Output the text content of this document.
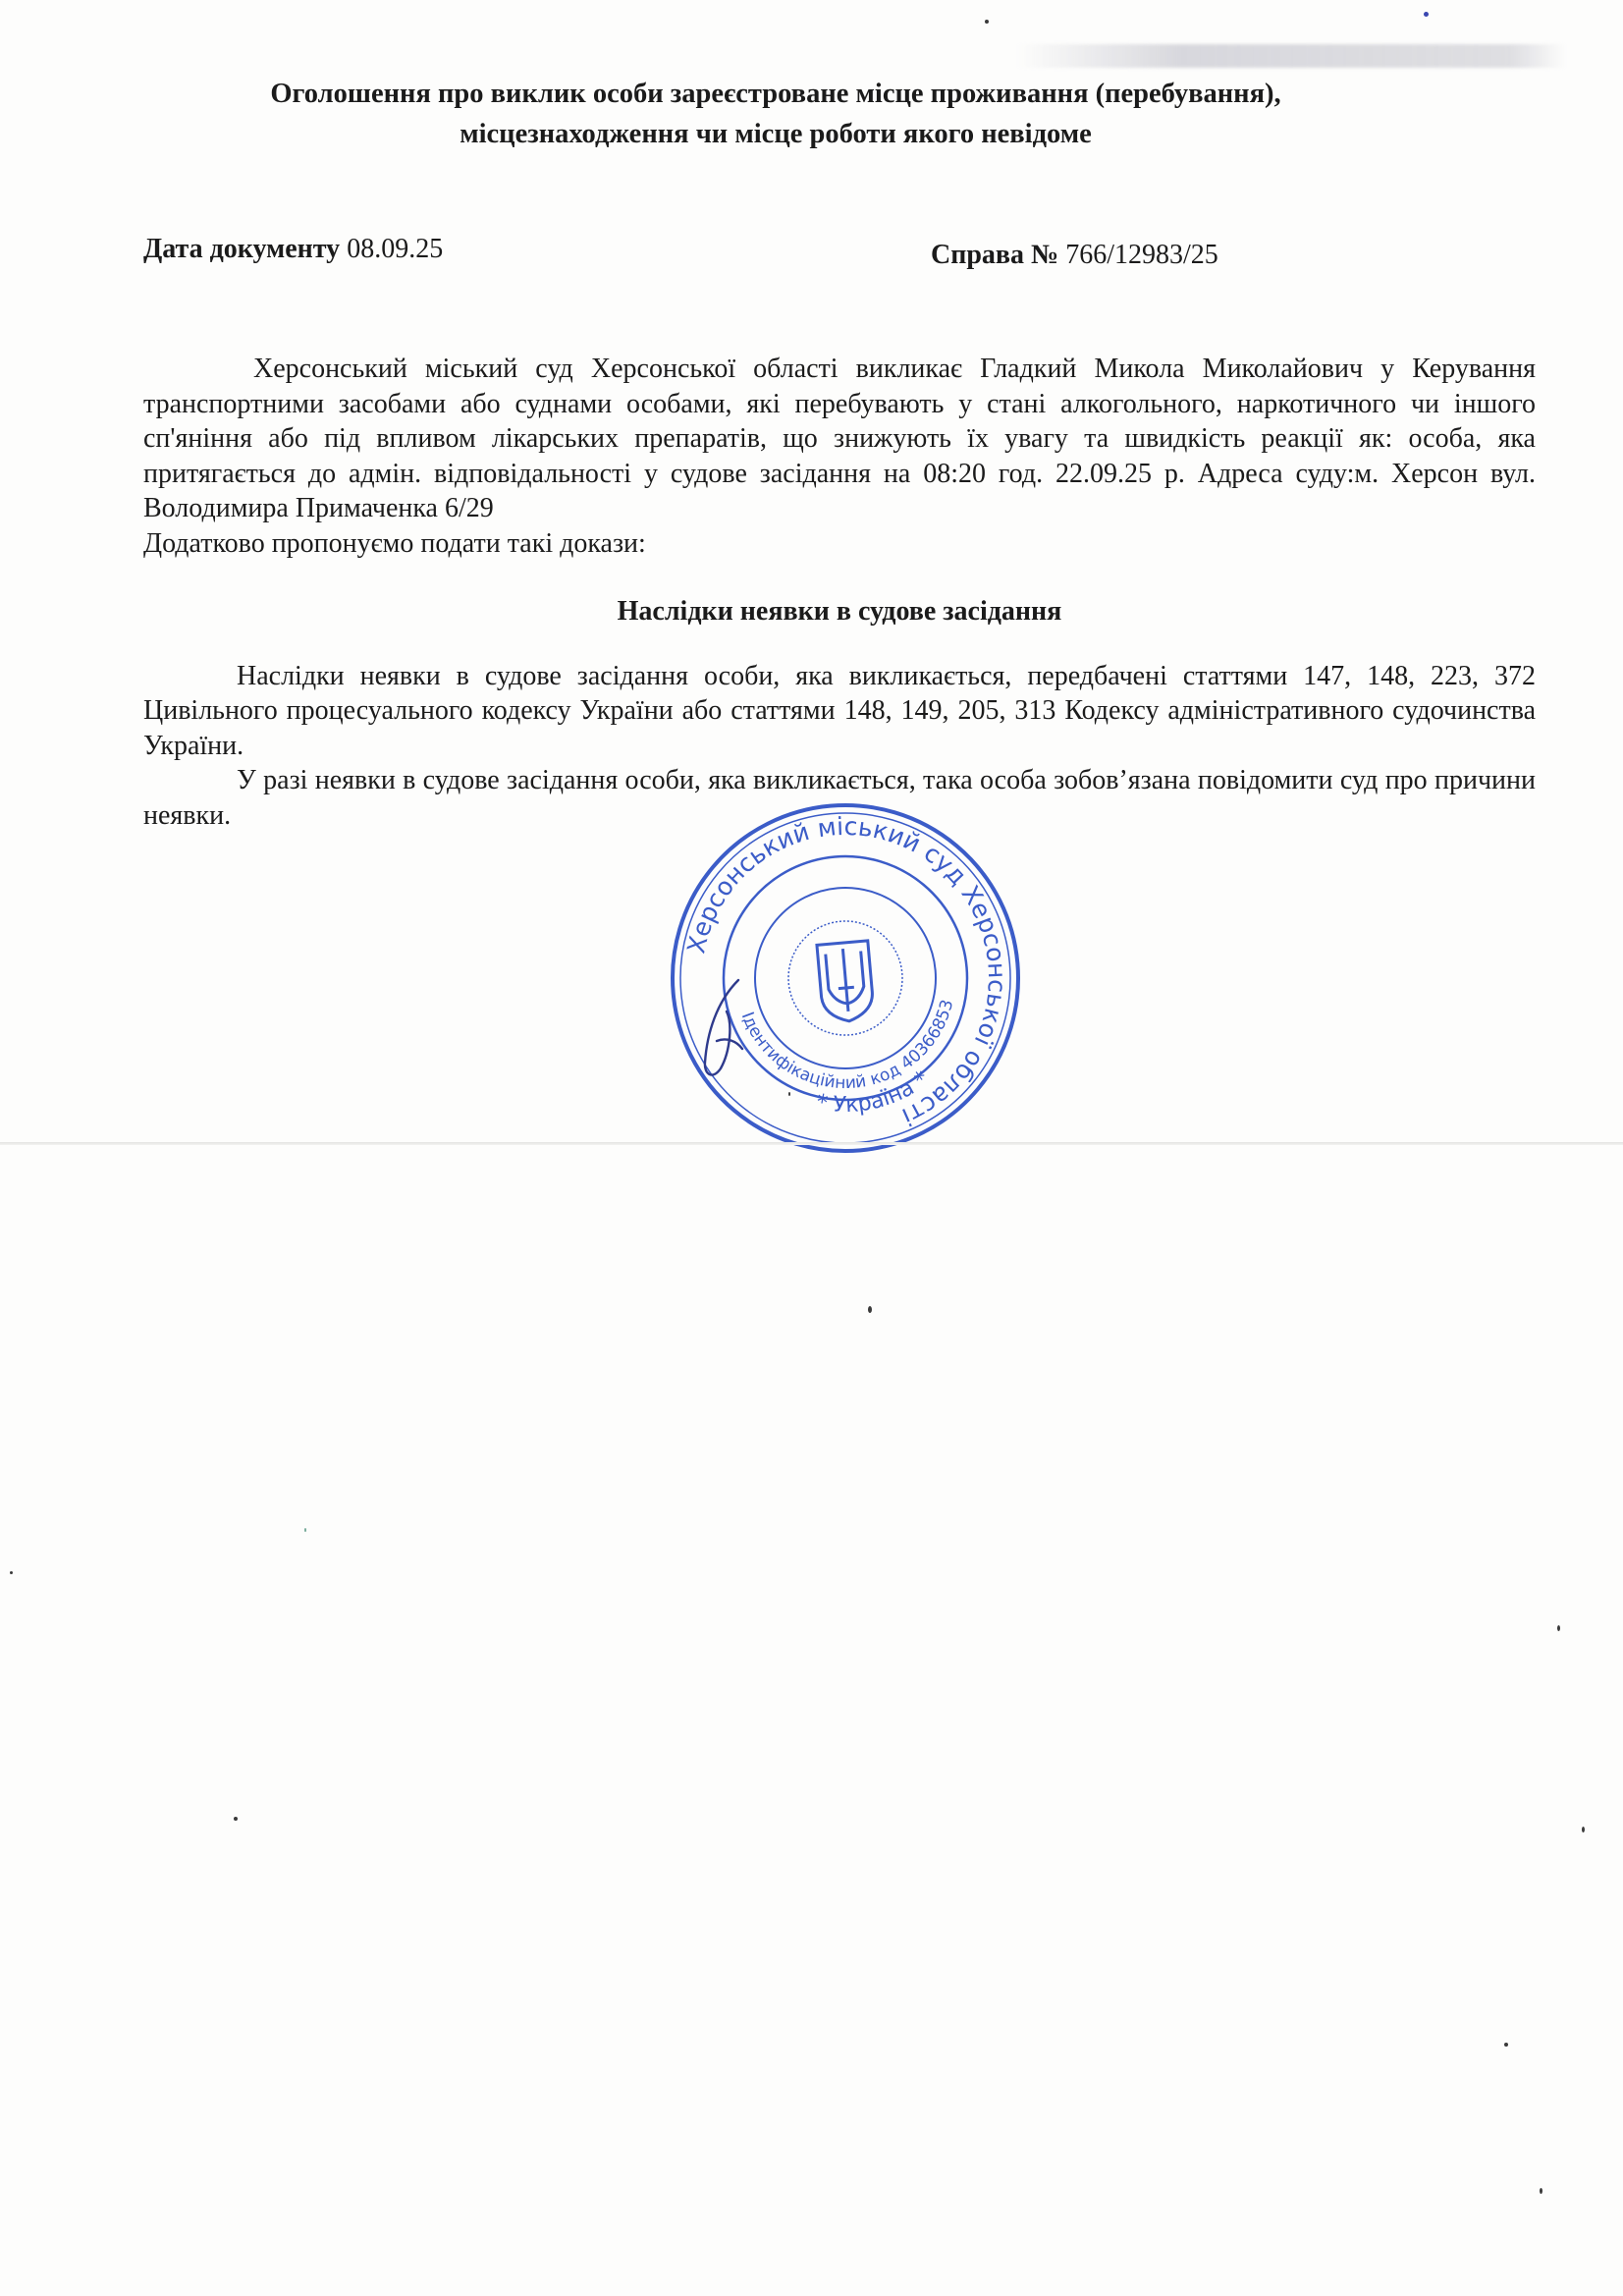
Оголошення про виклик особи зареєстроване місце проживання (перебування),
місцезнаходження чи місце роботи якого невідоме
Дата документу 08.09.25	Справа № 766/12983/25

Херсонський міський суд Херсонської області викликає Гладкий Микола Миколайович у Керування транспортними засобами або суднами особами, які перебувають у стані алкогольного, наркотичного чи іншого сп'яніння або під впливом лікарських препаратів, що знижують їх увагу та швидкість реакції як: особа, яка притягається до адмін. відповідальності у судове засідання на 08:20 год. 22.09.25 р. Адреса суду:м. Херсон вул. Володимира Примаченка 6/29

Додатково пропонуємо подати такі докази:

Наслідки неявки в судове засідання

Наслідки неявки в судове засідання особи, яка викликається, передбачені статтями 147, 148, 223, 372 Цивільного процесуального кодексу України або статтями 148, 149, 205, 313 Кодексу адміністративного судочинства України.

У разі неявки в судове засідання особи, яка викликається, така особа зобов’язана повідомити суд про причини неявки.

Херсонський міський суд Херсонської області
Ідентифікаційний код 40366853
* Україна *
